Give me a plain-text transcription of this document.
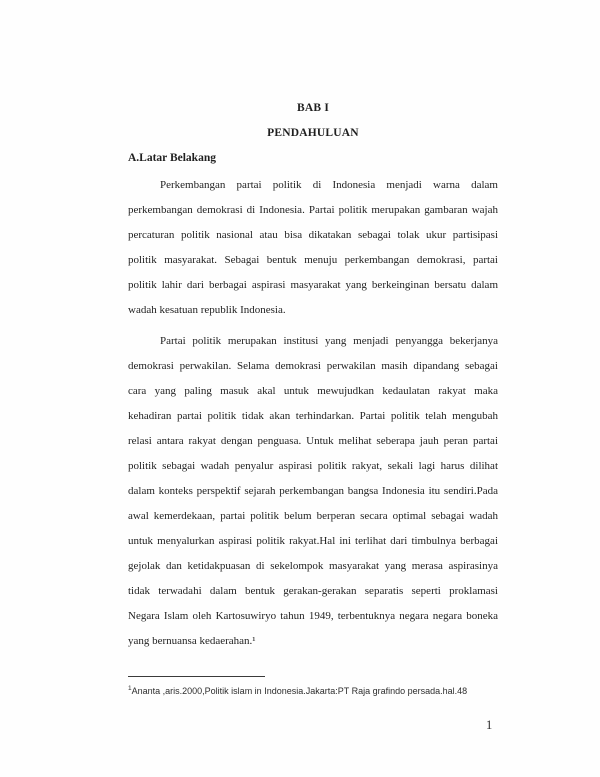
BAB I
PENDAHULUAN
A.Latar Belakang
Perkembangan partai politik di Indonesia menjadi warna dalam
perkembangan demokrasi di Indonesia. Partai politik merupakan gambaran wajah
percaturan politik nasional atau bisa dikatakan sebagai tolak ukur partisipasi
politik masyarakat. Sebagai bentuk menuju perkembangan demokrasi, partai
politik lahir dari berbagai aspirasi masyarakat yang berkeinginan bersatu dalam
wadah kesatuan republik Indonesia.
Partai politik merupakan institusi yang menjadi penyangga bekerjanya
demokrasi perwakilan. Selama demokrasi perwakilan masih dipandang sebagai
cara yang paling masuk akal untuk mewujudkan kedaulatan rakyat maka
kehadiran partai politik tidak akan terhindarkan. Partai politik telah mengubah
relasi antara rakyat dengan penguasa. Untuk melihat seberapa jauh peran partai
politik sebagai wadah penyalur aspirasi politik rakyat, sekali lagi harus dilihat
dalam konteks perspektif sejarah perkembangan bangsa Indonesia itu sendiri.Pada
awal kemerdekaan, partai politik belum berperan secara optimal sebagai wadah
untuk menyalurkan aspirasi politik rakyat.Hal ini terlihat dari timbulnya berbagai
gejolak dan ketidakpuasan di sekelompok masyarakat yang merasa aspirasinya
tidak terwadahi dalam bentuk gerakan-gerakan separatis seperti proklamasi
Negara Islam oleh Kartosuwiryo tahun 1949, terbentuknya negara negara boneka
yang bernuansa kedaerahan.¹
$^1$Ananta ,aris.2000,Politik islam in Indonesia.Jakarta:PT Raja grafindo persada.hal.48
1
